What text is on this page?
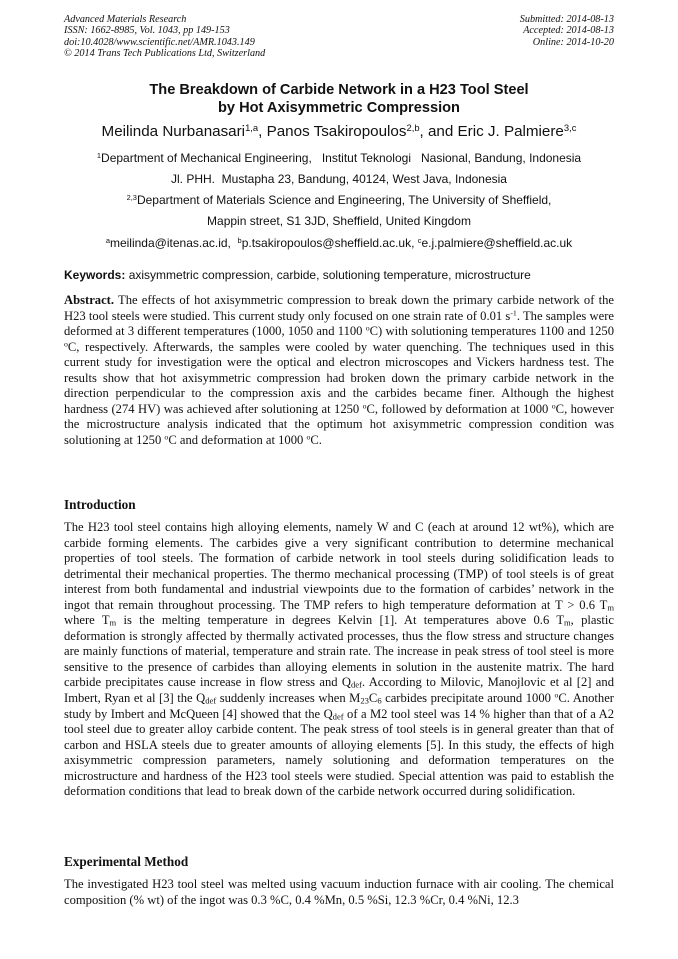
Advanced Materials Research
ISSN: 1662-8985, Vol. 1043, pp 149-153
doi:10.4028/www.scientific.net/AMR.1043.149
© 2014 Trans Tech Publications Ltd, Switzerland
Submitted: 2014-08-13
Accepted: 2014-08-13
Online: 2014-10-20
The Breakdown of Carbide Network in a H23 Tool Steel
by Hot Axisymmetric Compression
Meilinda Nurbanasari$^{1,a}$, Panos Tsakiropoulos$^{2,b}$, and Eric J. Palmiere$^{3,c}$
$^1$Department of Mechanical Engineering,   Institut Teknologi   Nasional, Bandung, Indonesia
Jl. PHH.  Mustapha 23, Bandung, 40124, West Java, Indonesia
$^{2,3}$Department of Materials Science and Engineering, The University of Sheffield,
Mappin street, S1 3JD, Sheffield, United Kingdom
$^a$meilinda@itenas.ac.id,  $^b$p.tsakiropoulos@sheffield.ac.uk, $^c$e.j.palmiere@sheffield.ac.uk
Keywords: axisymmetric compression, carbide, solutioning temperature, microstructure
Abstract. The effects of hot axisymmetric compression to break down the primary carbide network of the H23 tool steels were studied. This current study only focused on one strain rate of 0.01 $s^{-1}$. The samples were deformed at 3 different temperatures (1000, 1050 and 1100 $^o$C) with solutioning temperatures 1100 and 1250 $^o$C, respectively. Afterwards, the samples were cooled by water quenching. The techniques used in this current study for investigation were the optical and electron microscopes and Vickers hardness test. The results show that hot axisymmetric compression had broken down the primary carbide network in the direction perpendicular to the compression axis and the carbides became finer. Although the highest hardness (274 HV) was achieved after solutioning at 1250 $^o$C, followed by deformation at 1000 $^o$C, however the microstructure analysis indicated that the optimum hot axisymmetric compression condition was solutioning at 1250 $^o$C and deformation at 1000 $^o$C.
Introduction
The H23 tool steel contains high alloying elements, namely W and C (each at around 12 wt%), which are carbide forming elements. The carbides give a very significant contribution to determine mechanical properties of tool steels. The formation of carbide network in tool steels during solidification leads to detrimental their mechanical properties. The thermo mechanical processing (TMP) of tool steels is of great interest from both fundamental and industrial viewpoints due to the formation of carbides’ network in the ingot that remain throughout processing. The TMP refers to high temperature deformation at T > 0.6 $T_m$ where $T_m$ is the melting temperature in degrees Kelvin [1]. At temperatures above 0.6 $T_m$, plastic deformation is strongly affected by thermally activated processes, thus the flow stress and structure changes are mainly functions of material, temperature and strain rate. The increase in peak stress of tool steel is more sensitive to the presence of carbides than alloying elements in solution in the austenite matrix. The hard carbide precipitates cause increase in flow stress and $Q_{def}$. According to Milovic, Manojlovic et al [2] and Imbert, Ryan et al [3] the $Q_{def}$ suddenly increases when $M_{23}C_6$ carbides precipitate around 1000 $^o$C. Another study by Imbert and McQueen [4] showed that the $Q_{def}$ of a M2 tool steel was 14 % higher than that of a A2 tool steel due to greater alloy carbide content. The peak stress of tool steels is in general greater than that of carbon and HSLA steels due to greater amounts of alloying elements [5]. In this study, the effects of high axisymmetric compression parameters, namely solutioning and deformation temperatures on the microstructure and hardness of the H23 tool steels were studied. Special attention was paid to establish the deformation conditions that lead to break down of the carbide network occurred during solidification.
Experimental Method
The investigated H23 tool steel was melted using vacuum induction furnace with air cooling. The chemical composition (% wt) of the ingot was 0.3 %C, 0.4 %Mn, 0.5 %Si, 12.3 %Cr, 0.4 %Ni, 12.3
